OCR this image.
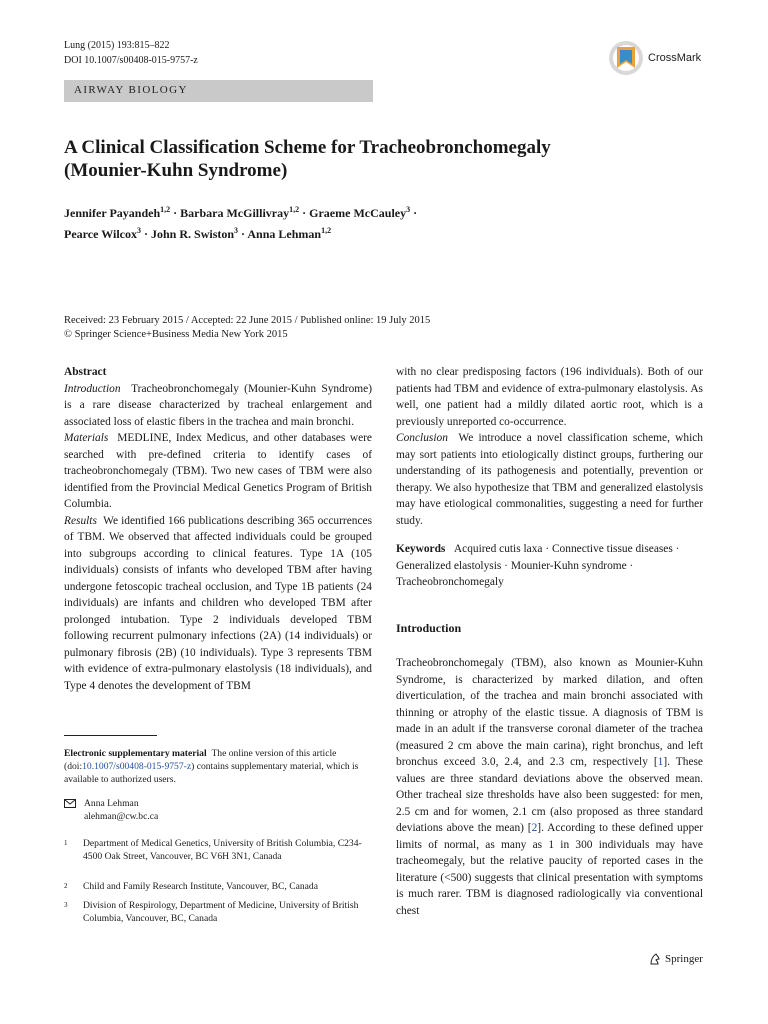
Lung (2015) 193:815–822
DOI 10.1007/s00408-015-9757-z	CrossMark
AIRWAY BIOLOGY
A Clinical Classification Scheme for Tracheobronchomegaly
(Mounier-Kuhn Syndrome)
Jennifer Payandeh$^{1,2}$ · Barbara McGillivray$^{1,2}$ · Graeme McCauley$^3$ ·
Pearce Wilcox$^3$ · John R. Swiston$^3$ · Anna Lehman$^{1,2}$
Received: 23 February 2015 / Accepted: 22 June 2015 / Published online: 19 July 2015
© Springer Science+Business Media New York 2015

Abstract

Introduction Tracheobronchomegaly (Mounier-Kuhn Syndrome) is a rare disease characterized by tracheal enlargement and associated loss of elastic fibers in the trachea and main bronchi.

Materials MEDLINE, Index Medicus, and other databases were searched with pre-defined criteria to identify cases of tracheobronchomegaly (TBM). Two new cases of TBM were also identified from the Provincial Medical Genetics Program of British Columbia.

Results We identified 166 publications describing 365 occurrences of TBM. We observed that affected individuals could be grouped into subgroups according to clinical features. Type 1A (105 individuals) consists of infants who developed TBM after having undergone fetoscopic tracheal occlusion, and Type 1B patients (24 individuals) are infants and children who developed TBM after prolonged intubation. Type 2 individuals developed TBM following recurrent pulmonary infections (2A) (14 individuals) or pulmonary fibrosis (2B) (10 individuals). Type 3 represents TBM with evidence of extra-pulmonary elastolysis (18 individuals), and Type 4 denotes the development of TBM

Electronic supplementary material The online version of this article (doi:10.1007/s00408-015-9757-z) contains supplementary material, which is available to authorized users.
Anna Lehman
alehman@cw.bc.ca
1 Department of Medical Genetics, University of British Columbia, C234-4500 Oak Street, Vancouver, BC V6H 3N1, Canada
2 Child and Family Research Institute, Vancouver, BC, Canada
3 Division of Respirology, Department of Medicine, University of British Columbia, Vancouver, BC, Canada

with no clear predisposing factors (196 individuals). Both of our patients had TBM and evidence of extra-pulmonary elastolysis. As well, one patient had a mildly dilated aortic root, which is a previously unreported co-occurrence.

Conclusion We introduce a novel classification scheme, which may sort patients into etiologically distinct groups, furthering our understanding of its pathogenesis and potentially, prevention or therapy. We also hypothesize that TBM and generalized elastolysis may have etiological commonalities, suggesting a need for further study.

Keywords Acquired cutis laxa · Connective tissue diseases · Generalized elastolysis · Mounier-Kuhn syndrome · Tracheobronchomegaly
Introduction

Tracheobronchomegaly (TBM), also known as Mounier-Kuhn Syndrome, is characterized by marked dilation, and often diverticulation, of the trachea and main bronchi associated with thinning or atrophy of the elastic tissue. A diagnosis of TBM is made in an adult if the transverse coronal diameter of the trachea (measured 2 cm above the main carina), right bronchus, and left bronchus exceed 3.0, 2.4, and 2.3 cm, respectively [1]. These values are three standard deviations above the observed mean. Other tracheal size thresholds have also been suggested: for men, 2.5 cm and for women, 2.1 cm (also proposed as three standard deviations above the mean) [2]. According to these defined upper limits of normal, as many as 1 in 300 individuals may have tracheomegaly, but the relative paucity of reported cases in the literature (<500) suggests that clinical presentation with symptoms is much rarer. TBM is diagnosed radiologically via conventional chest

Springer
